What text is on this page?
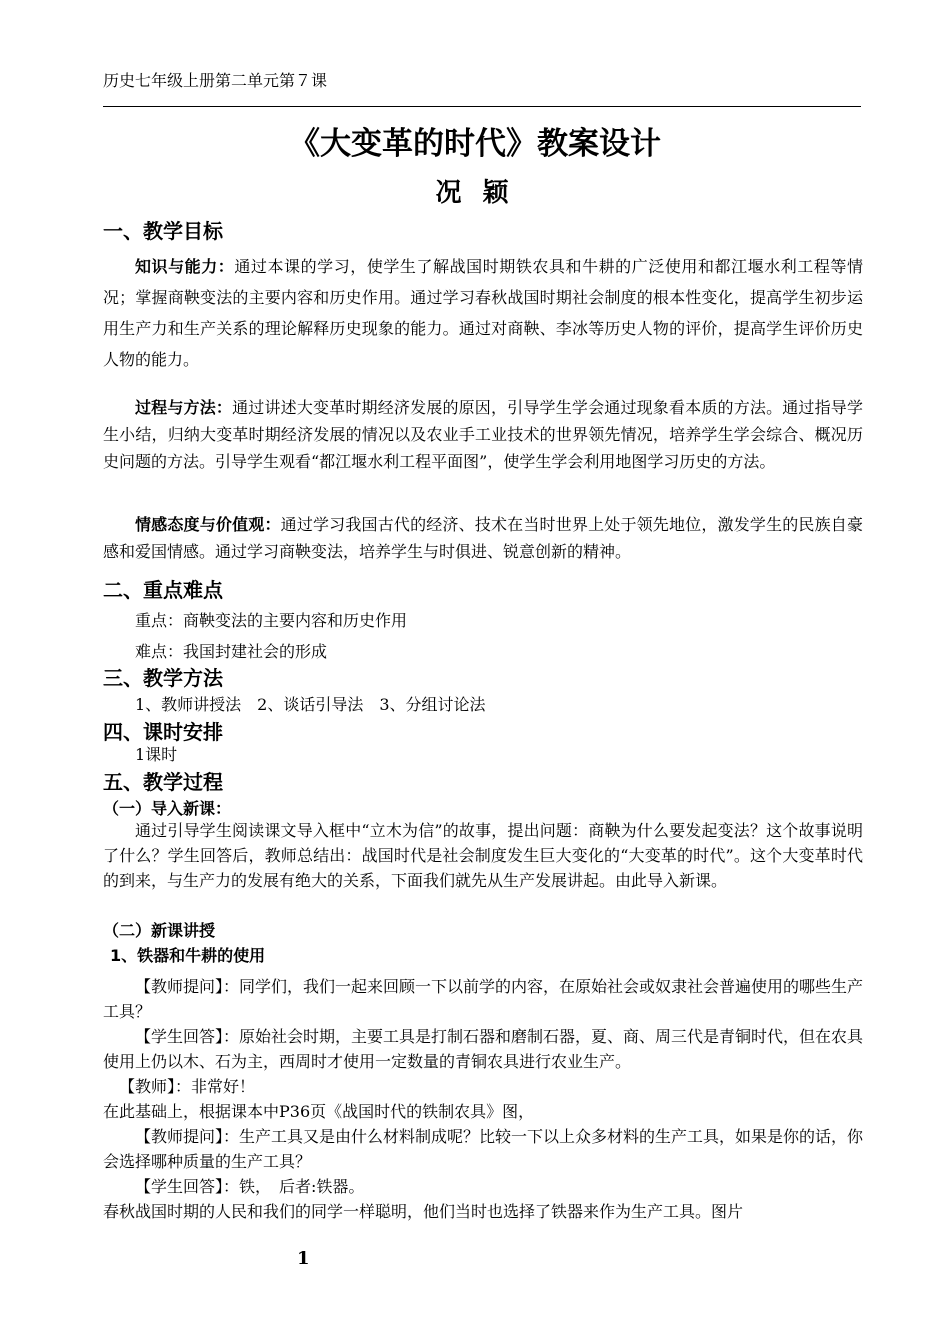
历史七年级上册第二单元第７课
《大变革的时代》教案设计
况 颖
一、教学目标
知识与能力：通过本课的学习，使学生了解战国时期铁农具和牛耕的广泛使用和都江堰水利工程等情况；掌握商鞅变法的主要内容和历史作用。通过学习春秋战国时期社会制度的根本性变化，提高学生初步运用生产力和生产关系的理论解释历史现象的能力。通过对商鞅、李冰等历史人物的评价，提高学生评价历史人物的能力。
过程与方法：通过讲述大变革时期经济发展的原因，引导学生学会通过现象看本质的方法。通过指导学生小结，归纳大变革时期经济发展的情况以及农业手工业技术的世界领先情况，培养学生学会综合、概况历史问题的方法。引导学生观看“都江堰水利工程平面图”，使学生学会利用地图学习历史的方法。
情感态度与价值观：通过学习我国古代的经济、技术在当时世界上处于领先地位，激发学生的民族自豪感和爱国情感。通过学习商鞅变法，培养学生与时俱进、锐意创新的精神。
二、重点难点
重点：商鞅变法的主要内容和历史作用
难点：我国封建社会的形成
三、教学方法
1、教师讲授法　2、谈话引导法　3、分组讨论法
四、课时安排
1课时
五、教学过程
（一）导入新课：
通过引导学生阅读课文导入框中“立木为信”的故事，提出问题：商鞅为什么要发起变法？这个故事说明了什么？学生回答后，教师总结出：战国时代是社会制度发生巨大变化的“大变革的时代”。这个大变革时代的到来，与生产力的发展有绝大的关系，下面我们就先从生产发展讲起。由此导入新课。
（二）新课讲授
1、铁器和牛耕的使用
【教师提问】：同学们，我们一起来回顾一下以前学的内容，在原始社会或奴隶社会普遍使用的哪些生产工具？
【学生回答】：原始社会时期，主要工具是打制石器和磨制石器，夏、商、周三代是青铜时代，但在农具使用上仍以木、石为主，西周时才使用一定数量的青铜农具进行农业生产。
【教师】：非常好！
在此基础上，根据课本中P36页《战国时代的铁制农具》图，
【教师提问】：生产工具又是由什么材料制成呢？比较一下以上众多材料的生产工具，如果是你的话，你会选择哪种质量的生产工具？
【学生回答】：铁，　后者:铁器。
春秋战国时期的人民和我们的同学一样聪明，他们当时也选择了铁器来作为生产工具。图片
1
